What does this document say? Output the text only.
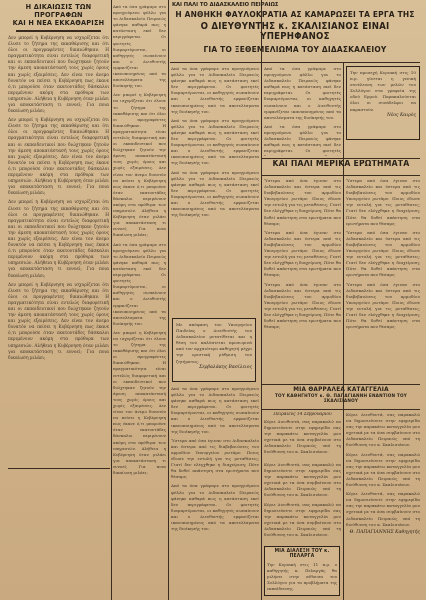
Η ΔΙΚΑΙΩΣΙΣ ΤΩΝ ΠΡΟΓΡΑΦΩΝ
ΚΑΙ Η ΝΕΑ ΕΚΚΑΘΑΡΙΣΗ
Δεν μπορεί η Κυβέρνηση να ισχυρίζεται ότι έλυσε το ζήτημα της εκκαθάρισης και ότι όλοι οι προγραφέντες δικαιώθηκαν. Η πραγματικότητα είναι εντελώς διαφορετική και οι εκπαιδευτικοί που διώχτηκαν ζητούν την άμεση αποκατάστασή τους χωρίς όρους και χωρίς εξαιρέσεις. Δεν είναι τον άνεμο δυνατόν να πείσει η Κυβέρνηση πως έκανε ό,τι μπορούσε όταν εκατοντάδες δάσκαλοι περιμένουν ακόμη στα πρόθυρα των υπηρεσιών. Αλήθεια η Κυβέρνηση όταν μιλάει για αποκατάσταση τι εννοεί; Για ποια δικαίωση μιλάει;
Δεν μπορεί η Κυβέρνηση να ισχυρίζεται ότι έλυσε το ζήτημα της εκκαθάρισης και ότι όλοι οι προγραφέντες δικαιώθηκαν. Η πραγματικότητα είναι εντελώς διαφορετική και οι εκπαιδευτικοί που διώχτηκαν ζητούν την άμεση αποκατάστασή τους χωρίς όρους και χωρίς εξαιρέσεις. Δεν είναι τον άνεμο δυνατόν να πείσει η Κυβέρνηση πως έκανε ό,τι μπορούσε όταν εκατοντάδες δάσκαλοι περιμένουν ακόμη στα πρόθυρα των υπηρεσιών. Αλήθεια η Κυβέρνηση όταν μιλάει για αποκατάσταση τι εννοεί; Για ποια δικαίωση μιλάει;
Δεν μπορεί η Κυβέρνηση να ισχυρίζεται ότι έλυσε το ζήτημα της εκκαθάρισης και ότι όλοι οι προγραφέντες δικαιώθηκαν. Η πραγματικότητα είναι εντελώς διαφορετική και οι εκπαιδευτικοί που διώχτηκαν ζητούν την άμεση αποκατάστασή τους χωρίς όρους και χωρίς εξαιρέσεις. Δεν είναι τον άνεμο δυνατόν να πείσει η Κυβέρνηση πως έκανε ό,τι μπορούσε όταν εκατοντάδες δάσκαλοι περιμένουν ακόμη στα πρόθυρα των υπηρεσιών. Αλήθεια η Κυβέρνηση όταν μιλάει για αποκατάσταση τι εννοεί; Για ποια δικαίωση μιλάει;
Δεν μπορεί η Κυβέρνηση να ισχυρίζεται ότι έλυσε το ζήτημα της εκκαθάρισης και ότι όλοι οι προγραφέντες δικαιώθηκαν. Η πραγματικότητα είναι εντελώς διαφορετική και οι εκπαιδευτικοί που διώχτηκαν ζητούν την άμεση αποκατάστασή τους χωρίς όρους και χωρίς εξαιρέσεις. Δεν είναι τον άνεμο δυνατόν να πείσει η Κυβέρνηση πως έκανε ό,τι μπορούσε όταν εκατοντάδες δάσκαλοι περιμένουν ακόμη στα πρόθυρα των υπηρεσιών. Αλήθεια η Κυβέρνηση όταν μιλάει για αποκατάσταση τι εννοεί; Για ποια δικαίωση μιλάει;
Από τα όσα γράψαμε στο προηγούμενο φύλλο για το Διδασκαλείο Πειραιώς φάνηκε καθαρά πως η κατάσταση εκεί δεν περιγράφεται. Οι φοιτητές διαμαρτύρονται, οι καθηγητές σωπαίνουν και ο Διευθυντής εμφανίζεται ικανοποιημένος από τα αποτελέσματα της διοίκησής του.
Δεν μπορεί η Κυβέρνηση να ισχυρίζεται ότι έλυσε το ζήτημα της εκκαθάρισης και ότι όλοι οι προγραφέντες δικαιώθηκαν. Η πραγματικότητα είναι εντελώς διαφορετική και οι εκπαιδευτικοί που διώχτηκαν ζητούν την άμεση αποκατάστασή τους χωρίς όρους και χωρίς εξαιρέσεις. Δεν είναι τον άνεμο δυνατόν να πείσει η Κυβέρνηση πως έκανε ό,τι μπορούσε όταν εκατοντάδες δάσκαλοι περιμένουν ακόμη στα πρόθυρα των υπηρεσιών. Αλήθεια η Κυβέρνηση όταν μιλάει για αποκατάσταση τι εννοεί; Για ποια δικαίωση μιλάει;
Από τα όσα γράψαμε στο προηγούμενο φύλλο για το Διδασκαλείο Πειραιώς φάνηκε καθαρά πως η κατάσταση εκεί δεν περιγράφεται. Οι φοιτητές διαμαρτύρονται, οι καθηγητές σωπαίνουν και ο Διευθυντής εμφανίζεται ικανοποιημένος από τα αποτελέσματα της διοίκησής του.
Δεν μπορεί η Κυβέρνηση να ισχυρίζεται ότι έλυσε το ζήτημα της εκκαθάρισης και ότι όλοι οι προγραφέντες δικαιώθηκαν. Η πραγματικότητα είναι εντελώς διαφορετική και οι εκπαιδευτικοί που διώχτηκαν ζητούν την άμεση αποκατάστασή τους χωρίς όρους και χωρίς εξαιρέσεις. Δεν είναι τον άνεμο δυνατόν να πείσει η Κυβέρνηση πως έκανε ό,τι μπορούσε όταν εκατοντάδες δάσκαλοι περιμένουν ακόμη στα πρόθυρα των υπηρεσιών. Αλήθεια η Κυβέρνηση όταν μιλάει για αποκατάσταση τι εννοεί; Για ποια δικαίωση μιλάει;
ΚΑΙ ΠΑΛΙ ΤΟ ΔΙΔΑΣΚΑΛΕΙΟ ΠΕΙΡΑΙΩΣ
Η ΑΝΘΗΚΗ ΦΑΥΛΟΚΡΑΤΙΑ ΑΣ ΚΑΜΑΡΩΣΕΙ ΤΑ ΕΡΓΑ ΤΗΣ
Ο ΔΙΕΥΘΥΝΤΗΣ κ. ΣΚΑΛΙΣΙΑΝΟΣ ΕΙΝΑΙ ΥΠΕΡΗΦΑΝΟΣ
ΓΙΑ ΤΟ ΞΕΘΕΜΕΛΙΩΜΑ ΤΟΥ ΔΙΔΑΣΚΑΛΕΙΟΥ
Από τα όσα γράψαμε στο προηγούμενο φύλλο για το Διδασκαλείο Πειραιώς φάνηκε καθαρά πως η κατάσταση εκεί δεν περιγράφεται. Οι φοιτητές διαμαρτύρονται, οι καθηγητές σωπαίνουν και ο Διευθυντής εμφανίζεται ικανοποιημένος από τα αποτελέσματα της διοίκησής του.
Από τα όσα γράψαμε στο προηγούμενο φύλλο για το Διδασκαλείο Πειραιώς φάνηκε καθαρά πως η κατάσταση εκεί δεν περιγράφεται. Οι φοιτητές διαμαρτύρονται, οι καθηγητές σωπαίνουν και ο Διευθυντής εμφανίζεται ικανοποιημένος από τα αποτελέσματα της διοίκησής του.
Από τα όσα γράψαμε στο προηγούμενο φύλλο για το Διδασκαλείο Πειραιώς φάνηκε καθαρά πως η κατάσταση εκεί δεν περιγράφεται. Οι φοιτητές διαμαρτύρονται, οι καθηγητές σωπαίνουν και ο Διευθυντής εμφανίζεται ικανοποιημένος από τα αποτελέσματα της διοίκησής του.
Με απόφαση του Υπουργείου Παιδείας ο Διευθυντής του Διδασκαλείου μετατίθεται και η θέση του καλύπτεται προσωρινά από τον αρχαιότερο καθηγητή μέχρι την οριστική ρύθμιση του ζητήματος.
Σερβαλάκης Βασίλειος
Από τα όσα γράψαμε στο προηγούμενο φύλλο για το Διδασκαλείο Πειραιώς φάνηκε καθαρά πως η κατάσταση εκεί δεν περιγράφεται. Οι φοιτητές διαμαρτύρονται, οι καθηγητές σωπαίνουν και ο Διευθυντής εμφανίζεται ικανοποιημένος από τα αποτελέσματα της διοίκησής του.
Ύστερα από όσα έγιναν στο Διδασκαλείο και ύστερα από τις διαβεβαιώσεις του αρμοδίου Υπουργείου ρωτάμε: Ποιος έδωσε την εντολή για τις μεταθέσεις; Γιατί δεν ελέγχθηκε η διαχείριση; Πότε θα δοθεί απάντηση στα ερωτήματα που θέσαμε;
Από τα όσα γράψαμε στο προηγούμενο φύλλο για το Διδασκαλείο Πειραιώς φάνηκε καθαρά πως η κατάσταση εκεί δεν περιγράφεται. Οι φοιτητές διαμαρτύρονται, οι καθηγητές σωπαίνουν και ο Διευθυντής εμφανίζεται ικανοποιημένος από τα αποτελέσματα της διοίκησής του.
Από τα όσα γράψαμε στο προηγούμενο φύλλο για το Διδασκαλείο Πειραιώς φάνηκε καθαρά πως η κατάσταση εκεί δεν περιγράφεται. Οι φοιτητές διαμαρτύρονται, οι καθηγητές σωπαίνουν και ο Διευθυντής εμφανίζεται ικανοποιημένος από τα αποτελέσματα της διοίκησής του.
Από τα όσα γράψαμε στο προηγούμενο φύλλο για το Διδασκαλείο Πειραιώς φάνηκε καθαρά πως η κατάσταση εκεί δεν περιγράφεται. Οι φοιτητές
Την προσεχή Κυριακή στις 10 π.μ. γίνεται η γενική συνέλευση των μελών του Συλλόγου στα γραφεία της οδού Ερμού. Παρακαλούνται όλοι οι συνάδελφοι να παραστούν.
Νέος Καιρός
ΚΑΙ ΠΑΛΙ ΜΕΡΙΚΑ ΕΡΩΤΗΜΑΤΑ
Ύστερα από όσα έγιναν στο Διδασκαλείο και ύστερα από τις διαβεβαιώσεις του αρμοδίου Υπουργείου ρωτάμε: Ποιος έδωσε την εντολή για τις μεταθέσεις; Γιατί δεν ελέγχθηκε η διαχείριση; Πότε θα δοθεί απάντηση στα ερωτήματα που θέσαμε;
Ύστερα από όσα έγιναν στο Διδασκαλείο και ύστερα από τις διαβεβαιώσεις του αρμοδίου Υπουργείου ρωτάμε: Ποιος έδωσε την εντολή για τις μεταθέσεις; Γιατί δεν ελέγχθηκε η διαχείριση; Πότε θα δοθεί απάντηση στα ερωτήματα που θέσαμε;
Ύστερα από όσα έγιναν στο Διδασκαλείο και ύστερα από τις διαβεβαιώσεις του αρμοδίου Υπουργείου ρωτάμε: Ποιος έδωσε την εντολή για τις μεταθέσεις; Γιατί δεν ελέγχθηκε η διαχείριση; Πότε θα δοθεί απάντηση στα ερωτήματα που θέσαμε;
Ύστερα από όσα έγιναν στο Διδασκαλείο και ύστερα από τις διαβεβαιώσεις του αρμοδίου Υπουργείου ρωτάμε: Ποιος έδωσε την εντολή για τις μεταθέσεις; Γιατί δεν ελέγχθηκε η διαχείριση; Πότε θα δοθεί απάντηση στα ερωτήματα που θέσαμε;
Ύστερα από όσα έγιναν στο Διδασκαλείο και ύστερα από τις διαβεβαιώσεις του αρμοδίου Υπουργείου ρωτάμε: Ποιος έδωσε την εντολή για τις μεταθέσεις; Γιατί δεν ελέγχθηκε η διαχείριση; Πότε θα δοθεί απάντηση στα ερωτήματα που θέσαμε;
Ύστερα από όσα έγιναν στο Διδασκαλείο και ύστερα από τις διαβεβαιώσεις του αρμοδίου Υπουργείου ρωτάμε: Ποιος έδωσε την εντολή για τις μεταθέσεις; Γιατί δεν ελέγχθηκε η διαχείριση; Πότε θα δοθεί απάντηση στα ερωτήματα που θέσαμε;
ΜΙΑ ΘΑΡΡΑΛΕΑ ΚΑΤΑΓΓΕΛΙΑ
ΤΟΥ ΚΑΘΗΓΗΤΟΥ κ. Θ. ΠΑΠΑΓΙΑΝΝΗ ΕΝΑΝΤΙΟΝ ΤΟΥ ΣΚΑΛΙΣΙΑΝΟΥ
Πειραιεύς 14 Σεβρουαρίου
Κύριε Διευθυντά, σας παρακαλώ να δημοσιεύσετε στην εφημερίδα σας την παρακάτω καταγγελία μου σχετικά με τα όσα συμβαίνουν στο Διδασκαλείο Πειραιώς υπό τη διεύθυνση του κ. Σκαλισιάνου.
Κύριε Διευθυντά, σας παρακαλώ να δημοσιεύσετε στην εφημερίδα σας την παρακάτω καταγγελία μου σχετικά με τα όσα συμβαίνουν στο Διδασκαλείο Πειραιώς υπό τη διεύθυνση του κ. Σκαλισιάνου.
Κύριε Διευθυντά, σας παρακαλώ να δημοσιεύσετε στην εφημερίδα σας την παρακάτω καταγγελία μου σχετικά με τα όσα συμβαίνουν στο Διδασκαλείο Πειραιώς υπό τη διεύθυνση του κ. Σκαλισιάνου.
Κύριε Διευθυντά, σας παρακαλώ να δημοσιεύσετε στην εφημερίδα σας την παρακάτω καταγγελία μου σχετικά με τα όσα συμβαίνουν στο Διδασκαλείο Πειραιώς υπό τη διεύθυνση του κ. Σκαλισιάνου.
Κύριε Διευθυντά, σας παρακαλώ να δημοσιεύσετε στην εφημερίδα σας την παρακάτω καταγγελία μου σχετικά με τα όσα συμβαίνουν στο Διδασκαλείο Πειραιώς υπό τη διεύθυνση του κ. Σκαλισιάνου.
Κύριε Διευθυντά, σας παρακαλώ να δημοσιεύσετε στην εφημερίδα σας την παρακάτω καταγγελία μου σχετικά με τα όσα συμβαίνουν στο Διδασκαλείο Πειραιώς υπό τη διεύθυνση του κ. Σκαλισιάνου.
Θ. ΠΑΠΑΓΙΑΝΝΗΣ Καθηγητής
ΜΙΑ ΔΙΑΛΕΞΗ ΤΟΥ κ. ΠΕΛΑΡΓΑ
Την Κυριακή στις 11 π.μ. ο καθηγητής κ. Πελαργάς θα μιλήσει στην αίθουσα του Συλλόγου για τα προβλήματα της εκπαίδευσης.
